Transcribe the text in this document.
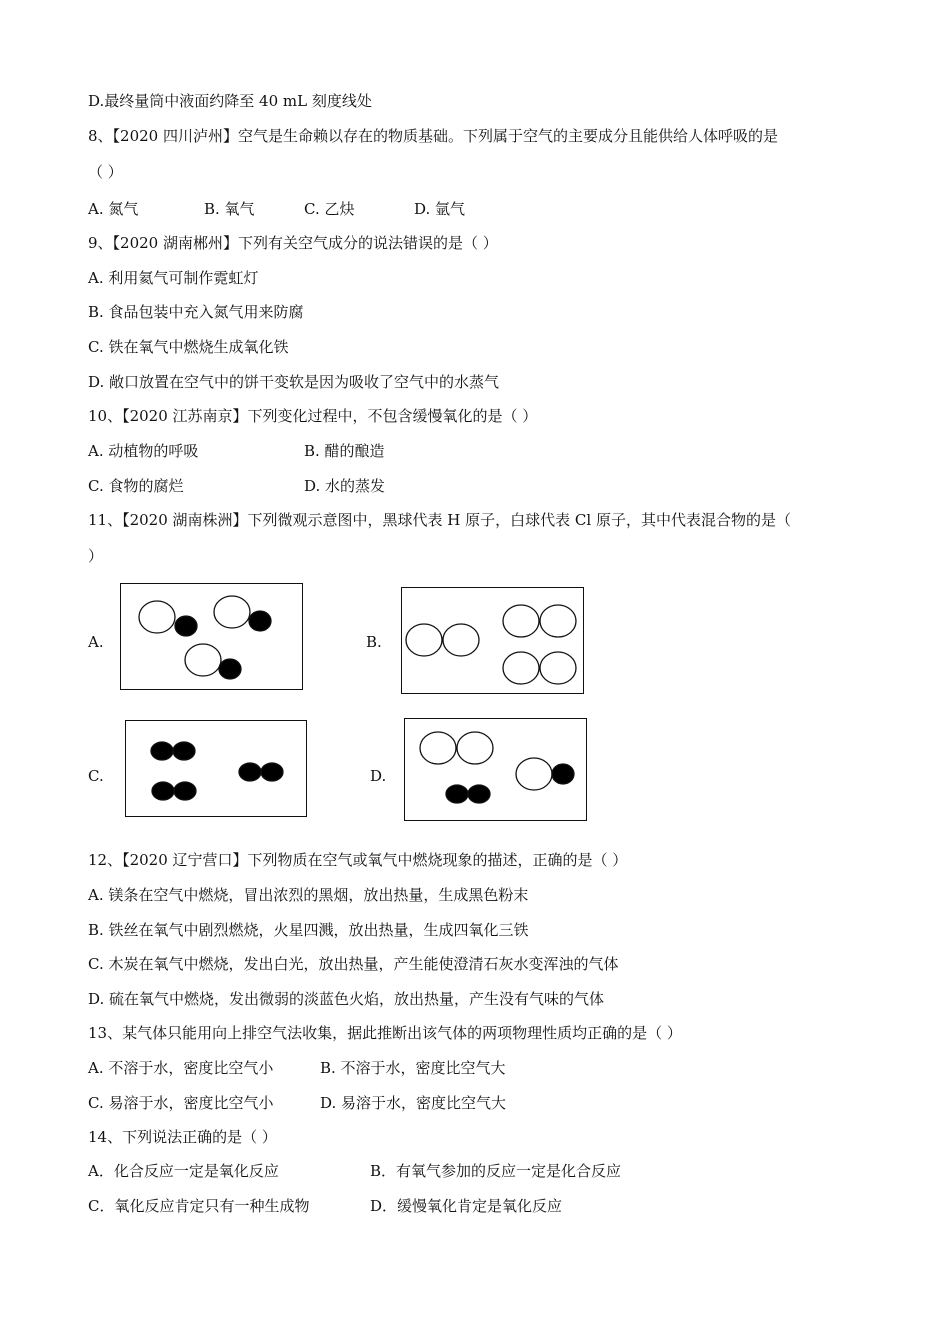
D.最终量筒中液面约降至 40 mL 刻度线处
8、【2020 四川泸州】空气是生命赖以存在的物质基础。下列属于空气的主要成分且能供给人体呼吸的是
（ ）
A. 氮气	B. 氧气	C. 乙炔	D. 氩气
9、【2020 湖南郴州】下列有关空气成分的说法错误的是（ ）
A. 利用氦气可制作霓虹灯
B. 食品包装中充入氮气用来防腐
C. 铁在氧气中燃烧生成氧化铁
D. 敞口放置在空气中的饼干变软是因为吸收了空气中的水蒸气
10、【2020 江苏南京】下列变化过程中，不包含缓慢氧化的是（ ）
A. 动植物的呼吸	B. 醋的酿造
C. 食物的腐烂	D. 水的蒸发
11、【2020 湖南株洲】下列微观示意图中，黑球代表 H 原子，白球代表 Cl 原子，其中代表混合物的是（
）
A.	B.
C.	D.
12、【2020 辽宁营口】下列物质在空气或氧气中燃烧现象的描述，正确的是（ ）
A. 镁条在空气中燃烧，冒出浓烈的黑烟，放出热量，生成黑色粉末
B. 铁丝在氧气中剧烈燃烧，火星四溅，放出热量，生成四氧化三铁
C. 木炭在氧气中燃烧，发出白光，放出热量，产生能使澄清石灰水变浑浊的气体
D. 硫在氧气中燃烧，发出微弱的淡蓝色火焰，放出热量，产生没有气味的气体
13、某气体只能用向上排空气法收集，据此推断出该气体的两项物理性质均正确的是（ ）
A. 不溶于水，密度比空气小	B. 不溶于水，密度比空气大
C. 易溶于水，密度比空气小	D. 易溶于水，密度比空气大
14、下列说法正确的是（ ）
A．化合反应一定是氧化反应	B．有氧气参加的反应一定是化合反应
C．氧化反应肯定只有一种生成物	D．缓慢氧化肯定是氧化反应
